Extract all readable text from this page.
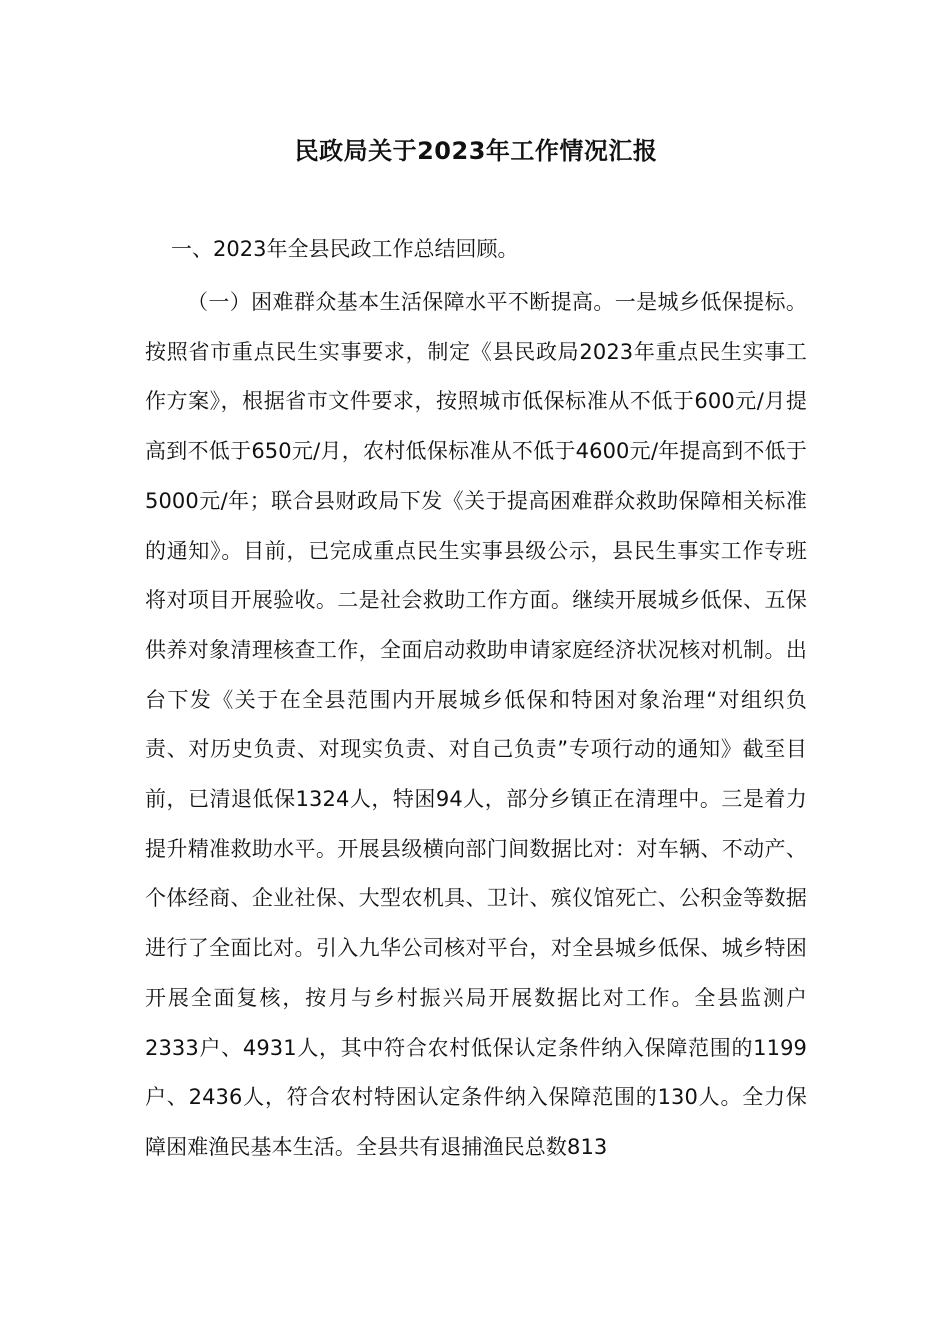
民政局关于2023年工作情况汇报

一、2023年全县民政工作总结回顾。

（一）困难群众基本生活保障水平不断提高。一是城乡低保提标。按照省市重点民生实事要求，制定《县民政局2023年重点民生实事工作方案》，根据省市文件要求，按照城市低保标准从不低于600元/月提高到不低于650元/月，农村低保标准从不低于4600元/年提高到不低于5000元/年；联合县财政局下发《关于提高困难群众救助保障相关标准的通知》。目前，已完成重点民生实事县级公示，县民生事实工作专班将对项目开展验收。二是社会救助工作方面。继续开展城乡低保、五保供养对象清理核查工作，全面启动救助申请家庭经济状况核对机制。出台下发《关于在全县范围内开展城乡低保和特困对象治理“对组织负责、对历史负责、对现实负责、对自己负责”专项行动的通知》截至目前，已清退低保1324人，特困94人，部分乡镇正在清理中。三是着力提升精准救助水平。开展县级横向部门间数据比对：对车辆、不动产、个体经商、企业社保、大型农机具、卫计、殡仪馆死亡、公积金等数据进行了全面比对。引入九华公司核对平台，对全县城乡低保、城乡特困开展全面复核，按月与乡村振兴局开展数据比对工作。全县监测户2333户、4931人，其中符合农村低保认定条件纳入保障范围的1199户、2436人，符合农村特困认定条件纳入保障范围的130人。全力保障困难渔民基本生活。全县共有退捕渔民总数813
